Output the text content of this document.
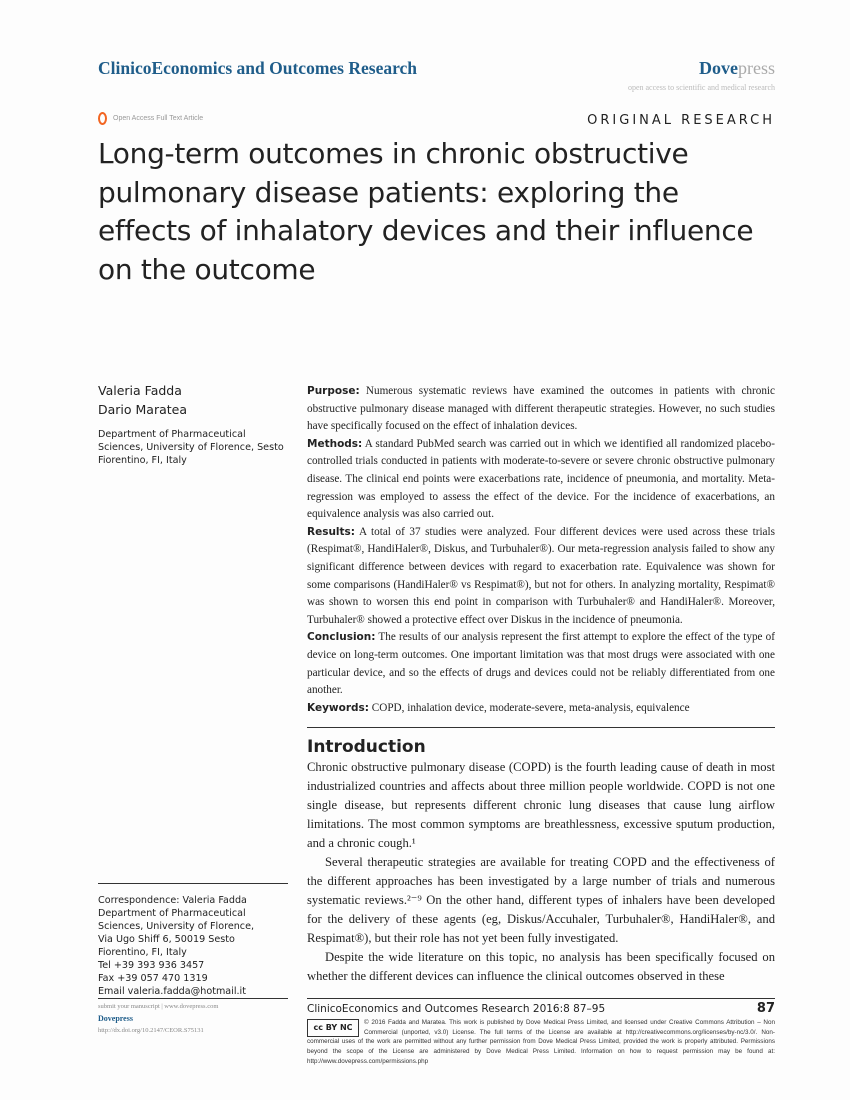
ClinicoEconomics and Outcomes Research	Dovepress
open access to scientific and medical research
Open Access Full Text Article	ORIGINAL RESEARCH
Long-term outcomes in chronic obstructive pulmonary disease patients: exploring the effects of inhalatory devices and their influence on the outcome
Valeria Fadda
Dario Maratea
Department of Pharmaceutical Sciences, University of Florence, Sesto Fiorentino, FI, Italy
Correspondence: Valeria Fadda
Department of Pharmaceutical
Sciences, University of Florence,
Via Ugo Shiff 6, 50019 Sesto
Fiorentino, FI, Italy
Tel +39 393 936 3457
Fax +39 057 470 1319
Email valeria.fadda@hotmail.it
Purpose: Numerous systematic reviews have examined the outcomes in patients with chronic obstructive pulmonary disease managed with different therapeutic strategies. However, no such studies have specifically focused on the effect of inhalation devices.
Methods: A standard PubMed search was carried out in which we identified all randomized placebo-controlled trials conducted in patients with moderate-to-severe or severe chronic obstructive pulmonary disease. The clinical end points were exacerbations rate, incidence of pneumonia, and mortality. Meta-regression was employed to assess the effect of the device. For the incidence of exacerbations, an equivalence analysis was also carried out.
Results: A total of 37 studies were analyzed. Four different devices were used across these trials (Respimat®, HandiHaler®, Diskus, and Turbuhaler®). Our meta-regression analysis failed to show any significant difference between devices with regard to exacerbation rate. Equivalence was shown for some comparisons (HandiHaler® vs Respimat®), but not for others. In analyzing mortality, Respimat® was shown to worsen this end point in comparison with Turbuhaler® and HandiHaler®. Moreover, Turbuhaler® showed a protective effect over Diskus in the incidence of pneumonia.
Conclusion: The results of our analysis represent the first attempt to explore the effect of the type of device on long-term outcomes. One important limitation was that most drugs were associated with one particular device, and so the effects of drugs and devices could not be reliably differentiated from one another.
Keywords: COPD, inhalation device, moderate-severe, meta-analysis, equivalence
Introduction

Chronic obstructive pulmonary disease (COPD) is the fourth leading cause of death in most industrialized countries and affects about three million people worldwide. COPD is not one single disease, but represents different chronic lung diseases that cause lung airflow limitations. The most common symptoms are breathlessness, excessive sputum production, and a chronic cough.¹

Several therapeutic strategies are available for treating COPD and the effectiveness of the different approaches has been investigated by a large number of trials and numerous systematic reviews.²⁻⁹ On the other hand, different types of inhalers have been developed for the delivery of these agents (eg, Diskus/Accuhaler, Turbuhaler®, HandiHaler®, and Respimat®), but their role has not yet been fully investigated.

Despite the wide literature on this topic, no analysis has been specifically focused on whether the different devices can influence the clinical outcomes observed in these

ClinicoEconomics and Outcomes Research 2016:8 87–95	87
cc BY NC
© 2016 Fadda and Maratea. This work is published by Dove Medical Press Limited, and licensed under Creative Commons Attribution – Non Commercial (unported, v3.0) License. The full terms of the License are available at http://creativecommons.org/licenses/by-nc/3.0/. Non-commercial uses of the work are permitted without any further permission from Dove Medical Press Limited, provided the work is properly attributed. Permissions beyond the scope of the License are administered by Dove Medical Press Limited. Information on how to request permission may be found at: http://www.dovepress.com/permissions.php
submit your manuscript | www.dovepress.com
Dovepress
http://dx.doi.org/10.2147/CEOR.S75131
